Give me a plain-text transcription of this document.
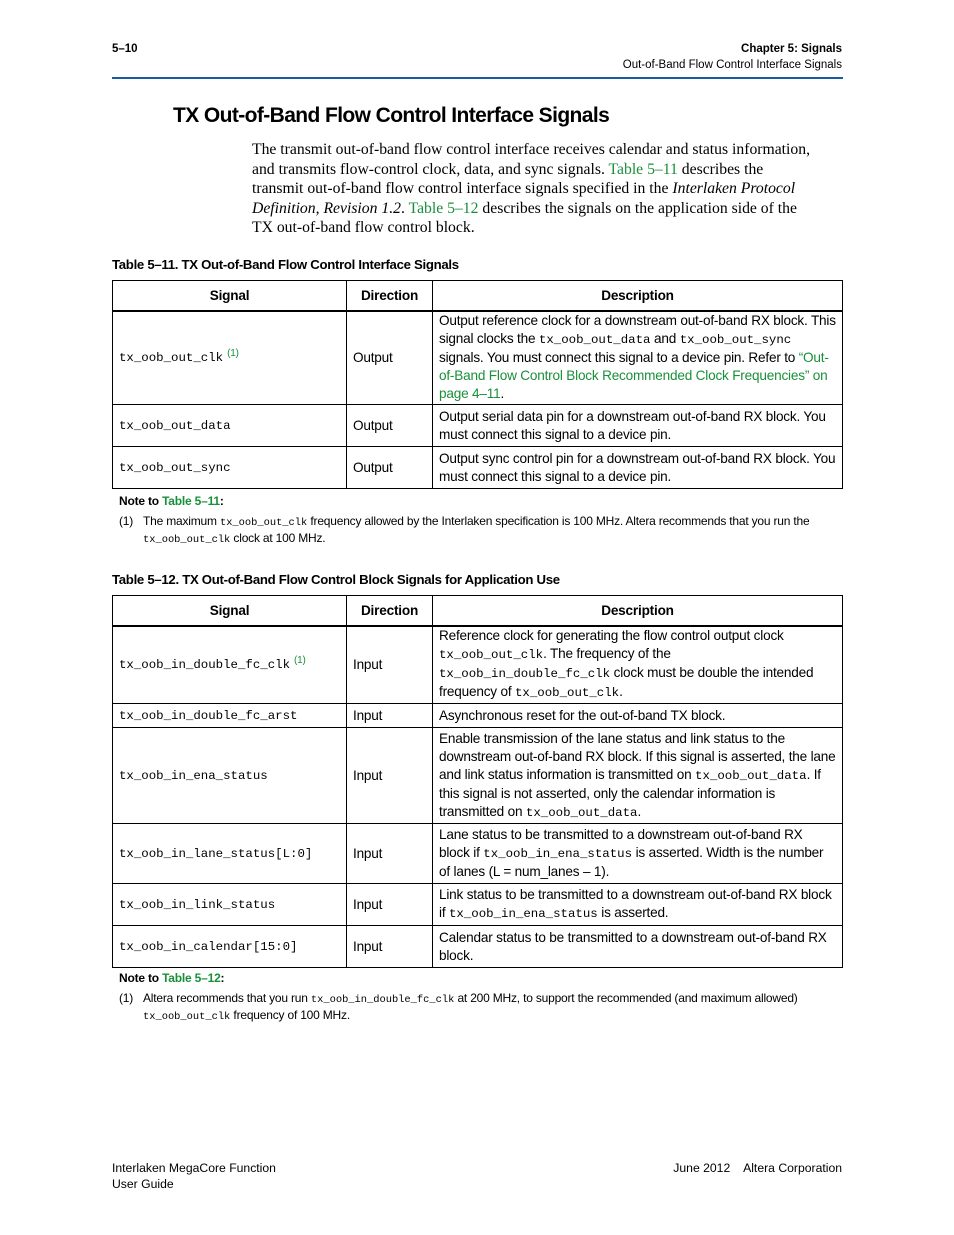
5–10	Chapter 5: Signals
Out-of-Band Flow Control Interface Signals
TX Out-of-Band Flow Control Interface Signals
The transmit out-of-band flow control interface receives calendar and status information, and transmits flow-control clock, data, and sync signals. Table 5–11 describes the transmit out-of-band flow control interface signals specified in the Interlaken Protocol Definition, Revision 1.2. Table 5–12 describes the signals on the application side of the TX out-of-band flow control block.
Table 5–11. TX Out-of-Band Flow Control Interface Signals
Signal	Direction	Description
tx_oob_out_clk $^{(1)}$	Output	Output reference clock for a downstream out-of-band RX block. This signal clocks the tx_oob_out_data and tx_oob_out_sync signals. You must connect this signal to a device pin. Refer to “Out-of-Band Flow Control Block Recommended Clock Frequencies” on page 4–11.
tx_oob_out_data	Output	Output serial data pin for a downstream out-of-band RX block. You must connect this signal to a device pin.
tx_oob_out_sync	Output	Output sync control pin for a downstream out-of-band RX block. You must connect this signal to a device pin.
Note to Table 5–11:
(1) The maximum tx_oob_out_clk frequency allowed by the Interlaken specification is 100 MHz. Altera recommends that you run the tx_oob_out_clk clock at 100 MHz.
Table 5–12. TX Out-of-Band Flow Control Block Signals for Application Use
Signal	Direction	Description
tx_oob_in_double_fc_clk $^{(1)}$	Input	Reference clock for generating the flow control output clock tx_oob_out_clk. The frequency of the tx_oob_in_double_fc_clk clock must be double the intended frequency of tx_oob_out_clk.
tx_oob_in_double_fc_arst	Input	Asynchronous reset for the out-of-band TX block.
tx_oob_in_ena_status	Input	Enable transmission of the lane status and link status to the downstream out-of-band RX block. If this signal is asserted, the lane and link status information is transmitted on tx_oob_out_data. If this signal is not asserted, only the calendar information is transmitted on tx_oob_out_data.
tx_oob_in_lane_status[L:0]	Input	Lane status to be transmitted to a downstream out-of-band RX block if tx_oob_in_ena_status is asserted. Width is the number of lanes (L = num_lanes – 1).
tx_oob_in_link_status	Input	Link status to be transmitted to a downstream out-of-band RX block if tx_oob_in_ena_status is asserted.
tx_oob_in_calendar[15:0]	Input	Calendar status to be transmitted to a downstream out-of-band RX block.
Note to Table 5–12:
(1) Altera recommends that you run tx_oob_in_double_fc_clk at 200 MHz, to support the recommended (and maximum allowed) tx_oob_out_clk frequency of 100 MHz.
Interlaken MegaCore Function
User Guide
June 2012    Altera Corporation
